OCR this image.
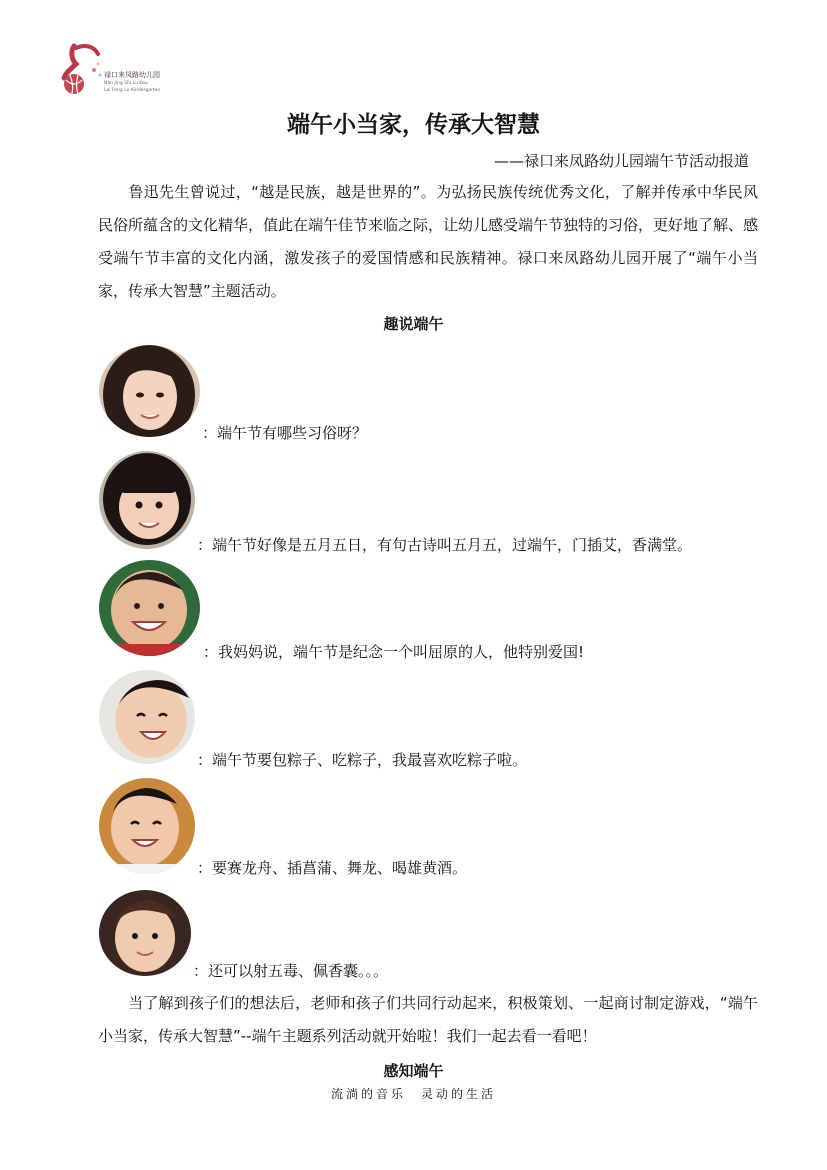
禄口来凤路幼儿园
Nan Jing Shi Lu Kou
Lai Feng Lu Kindergarten
端午小当家，传承大智慧
——禄口来凤路幼儿园端午节活动报道

鲁迅先生曾说过，“越是民族，越是世界的”。为弘扬民族传统优秀文化，了解并传承中华民风民俗所蕴含的文化精华，值此在端午佳节来临之际，让幼儿感受端午节独特的习俗，更好地了解、感受端午节丰富的文化内涵，激发孩子的爱国情感和民族精神。禄口来凤路幼儿园开展了“端午小当家，传承大智慧”主题活动。

趣说端午
：端午节有哪些习俗呀？
：端午节好像是五月五日，有句古诗叫五月五，过端午，门插艾，香满堂。
：我妈妈说，端午节是纪念一个叫屈原的人，他特别爱国!
：端午节要包粽子、吃粽子，我最喜欢吃粽子啦。
：要赛龙舟、插菖蒲、舞龙、喝雄黄酒。
：还可以射五毒、佩香囊。。。

当了解到孩子们的想法后，老师和孩子们共同行动起来，积极策划、一起商讨制定游戏，“端午小当家，传承大智慧”--端午主题系列活动就开始啦！我们一起去看一看吧！

感知端午
流淌的音乐　灵动的生活
